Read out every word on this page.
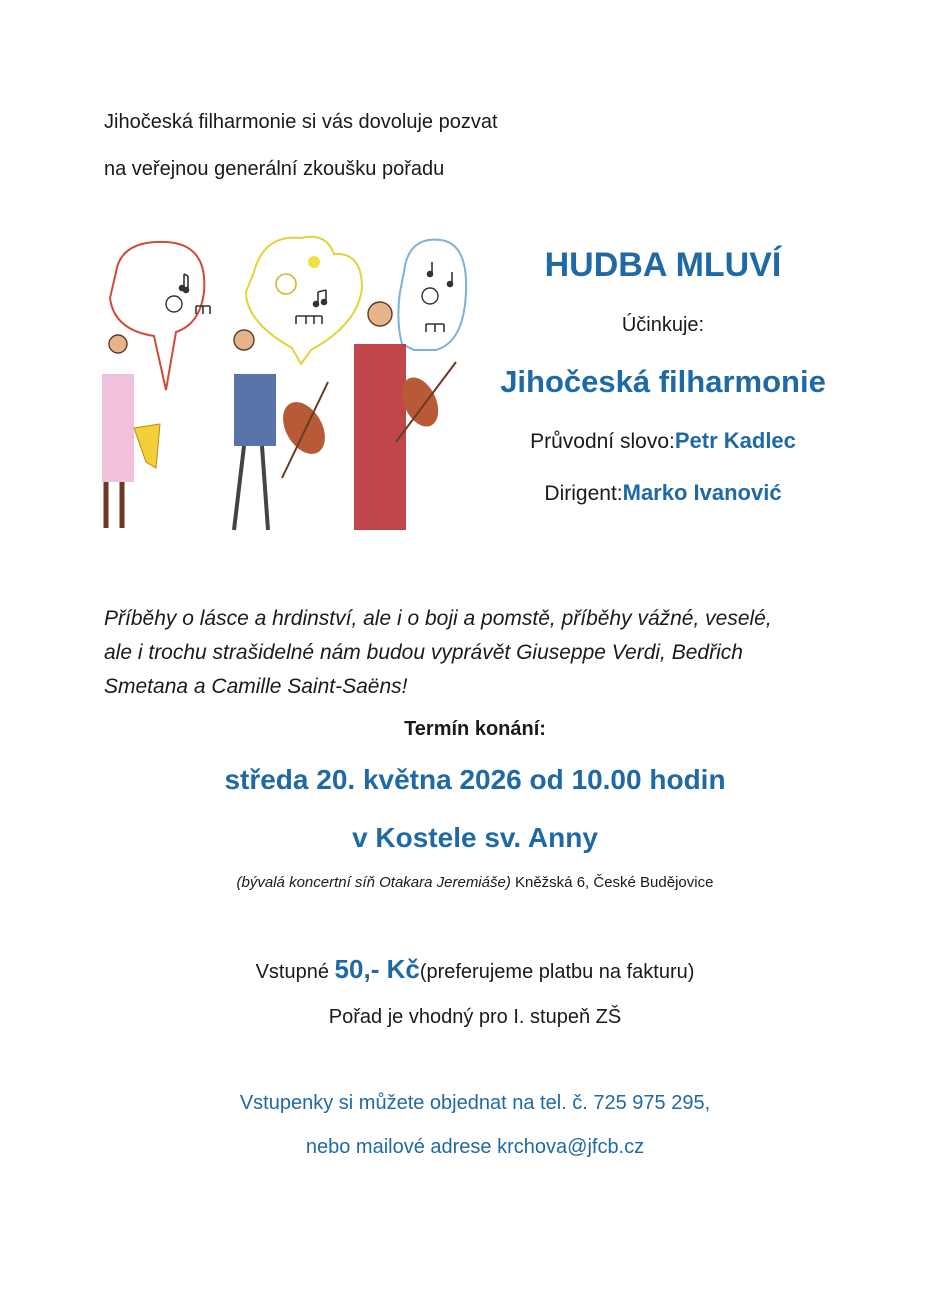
Jihočeská filharmonie si vás dovoluje pozvat
na veřejnou generální zkoušku pořadu
HUDBA MLUVÍ
Účinkuje:
Jihočeská filharmonie
Průvodní slovo:Petr Kadlec
Dirigent:Marko Ivanović
Příběhy o lásce a hrdinství, ale i o boji a pomstě, příběhy vážné, veselé,
ale i trochu strašidelné nám budou vyprávět Giuseppe Verdi, Bedřich
Smetana a Camille Saint-Saëns!
Termín konání:
středa 20. května 2026 od 10.00 hodin
v Kostele sv. Anny
(bývalá koncertní síň Otakara Jeremiáše) Kněžská 6, České Budějovice
Vstupné 50,- Kč(preferujeme platbu na fakturu)
Pořad je vhodný pro I. stupeň ZŠ
Vstupenky si můžete objednat na tel. č. 725 975 295,
nebo mailové adrese krchova@jfcb.cz
